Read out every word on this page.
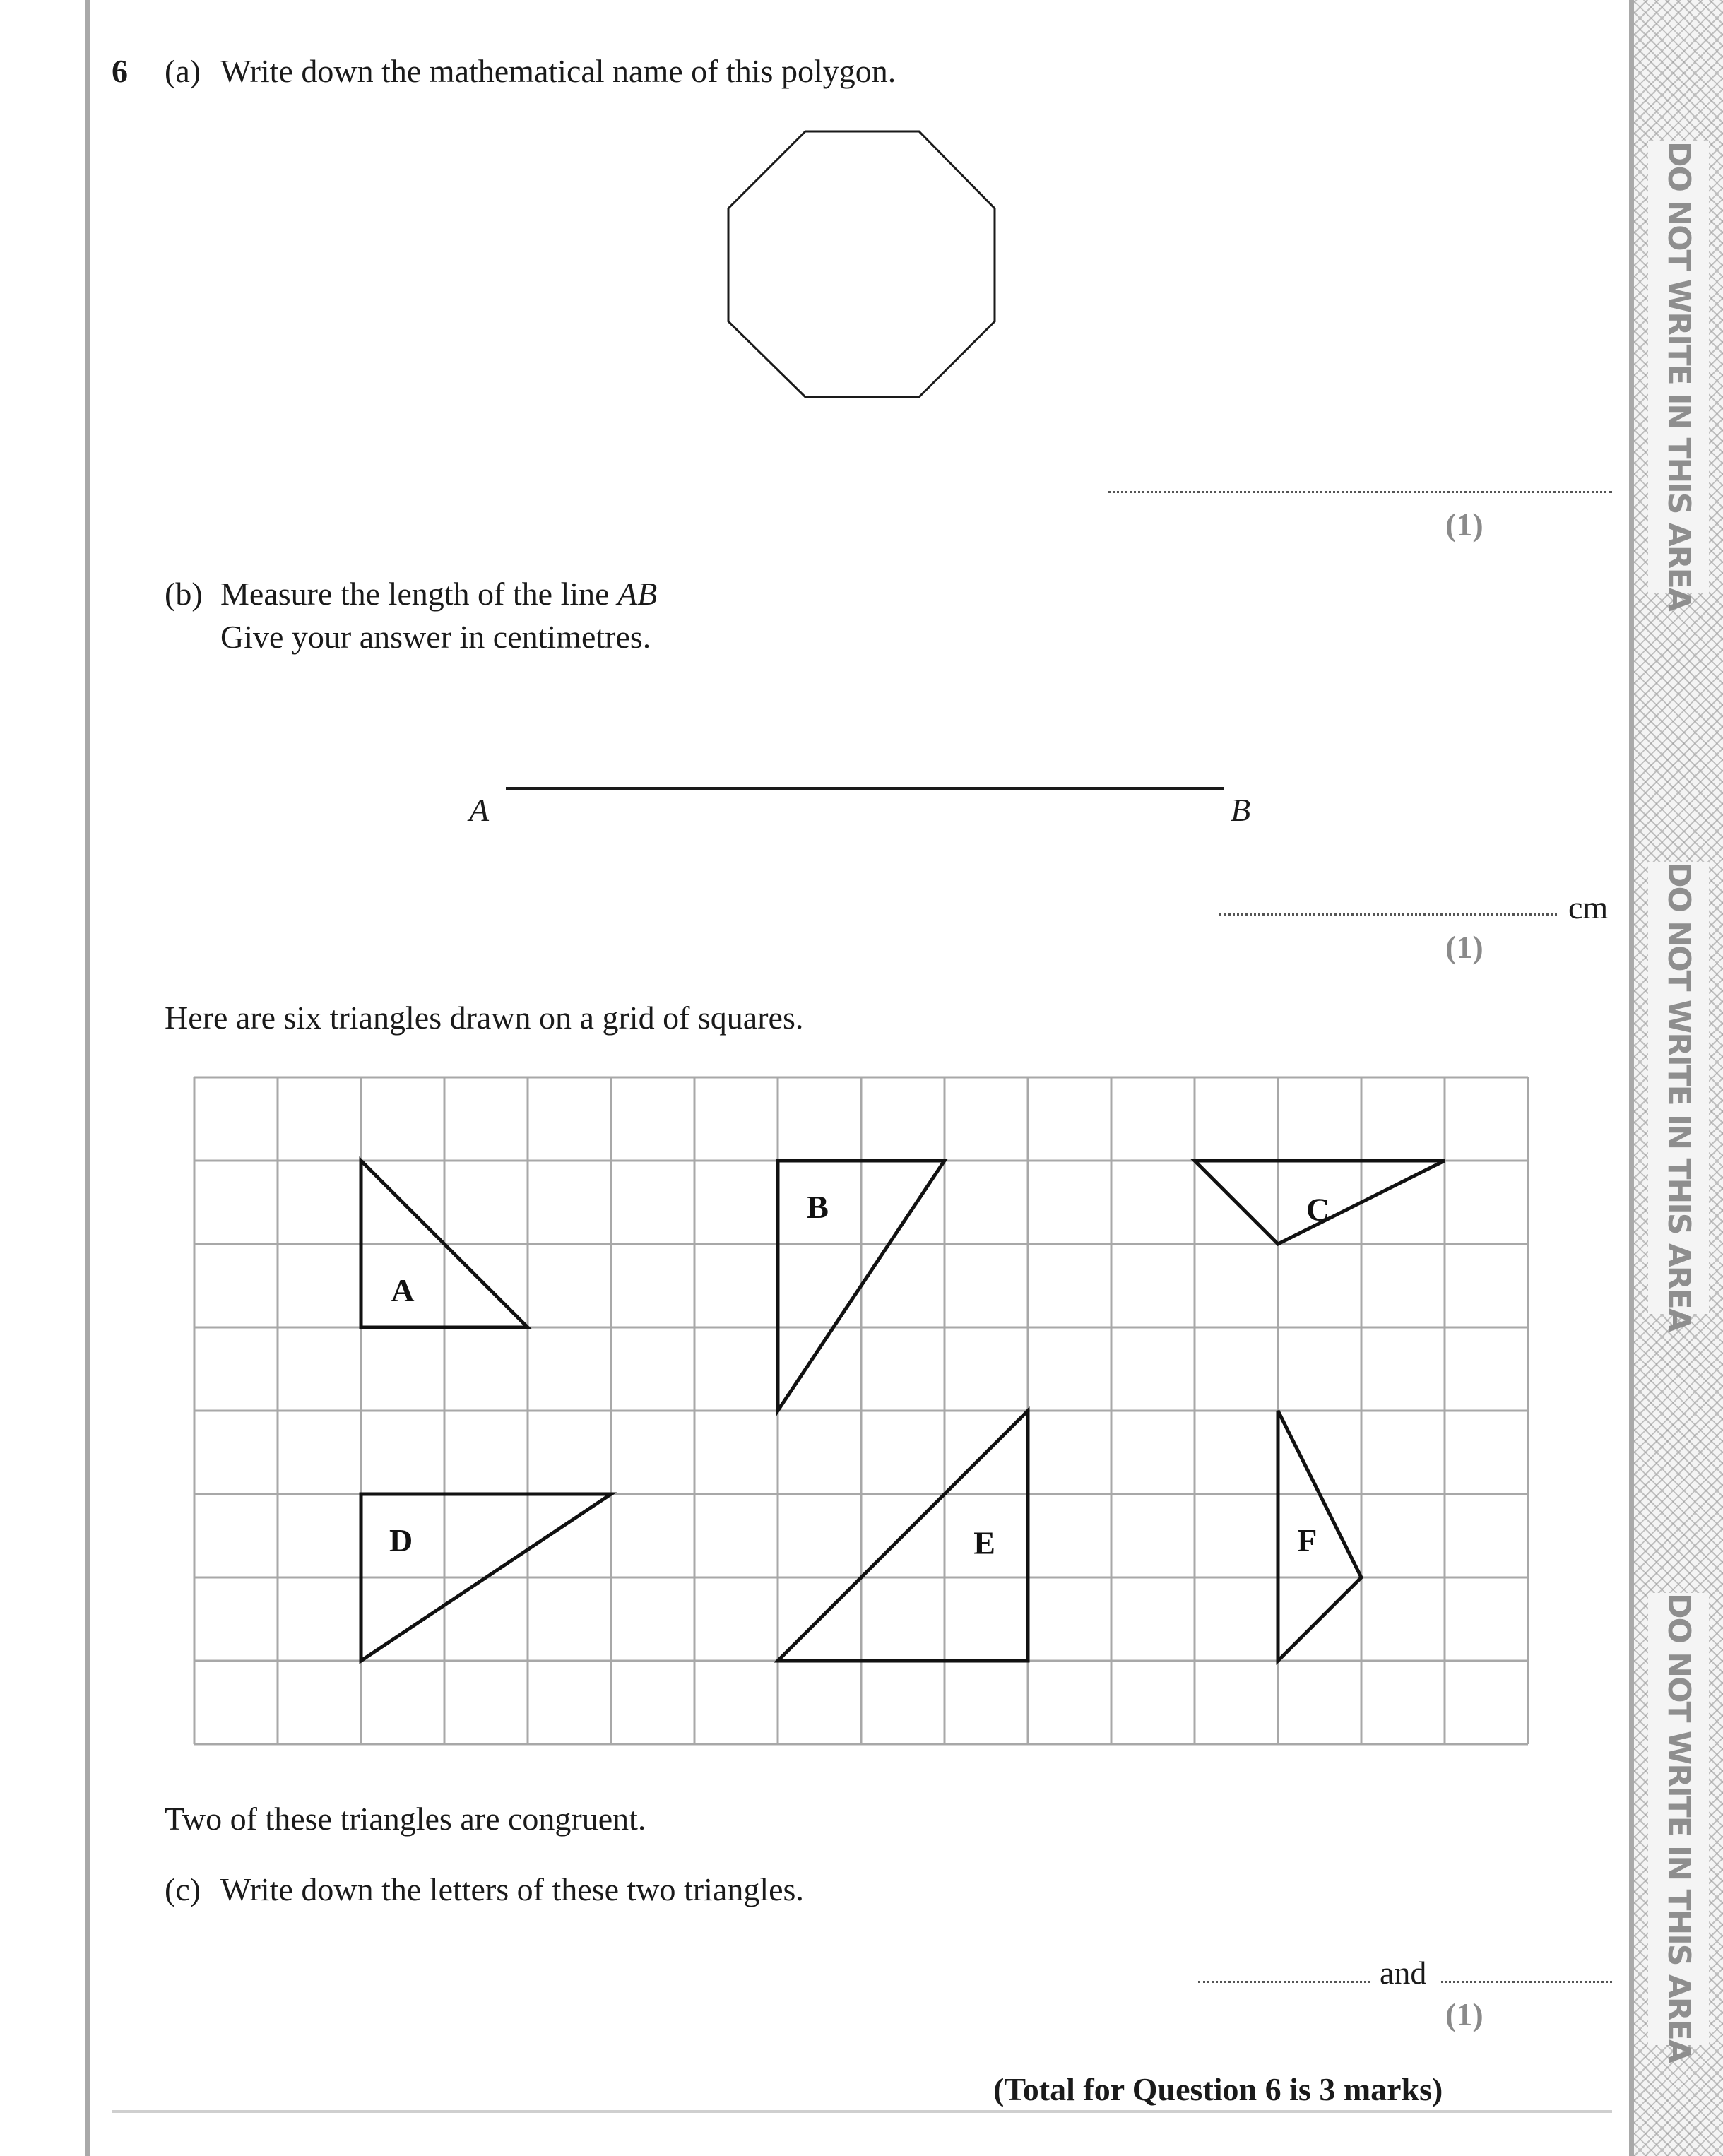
DO NOT WRITE IN THIS AREA
DO NOT WRITE IN THIS AREA
DO NOT WRITE IN THIS AREA
6 (a) Write down the mathematical name of this polygon.
(1)
(b) Measure the length of the line AB
Give your answer in centimetres.
A	B
cm
(1)
Here are six triangles drawn on a grid of squares.
A
B	C
D	E	F
Two of these triangles are congruent.
(c) Write down the letters of these two triangles.
and
(1)
(Total for Question 6 is 3 marks)
